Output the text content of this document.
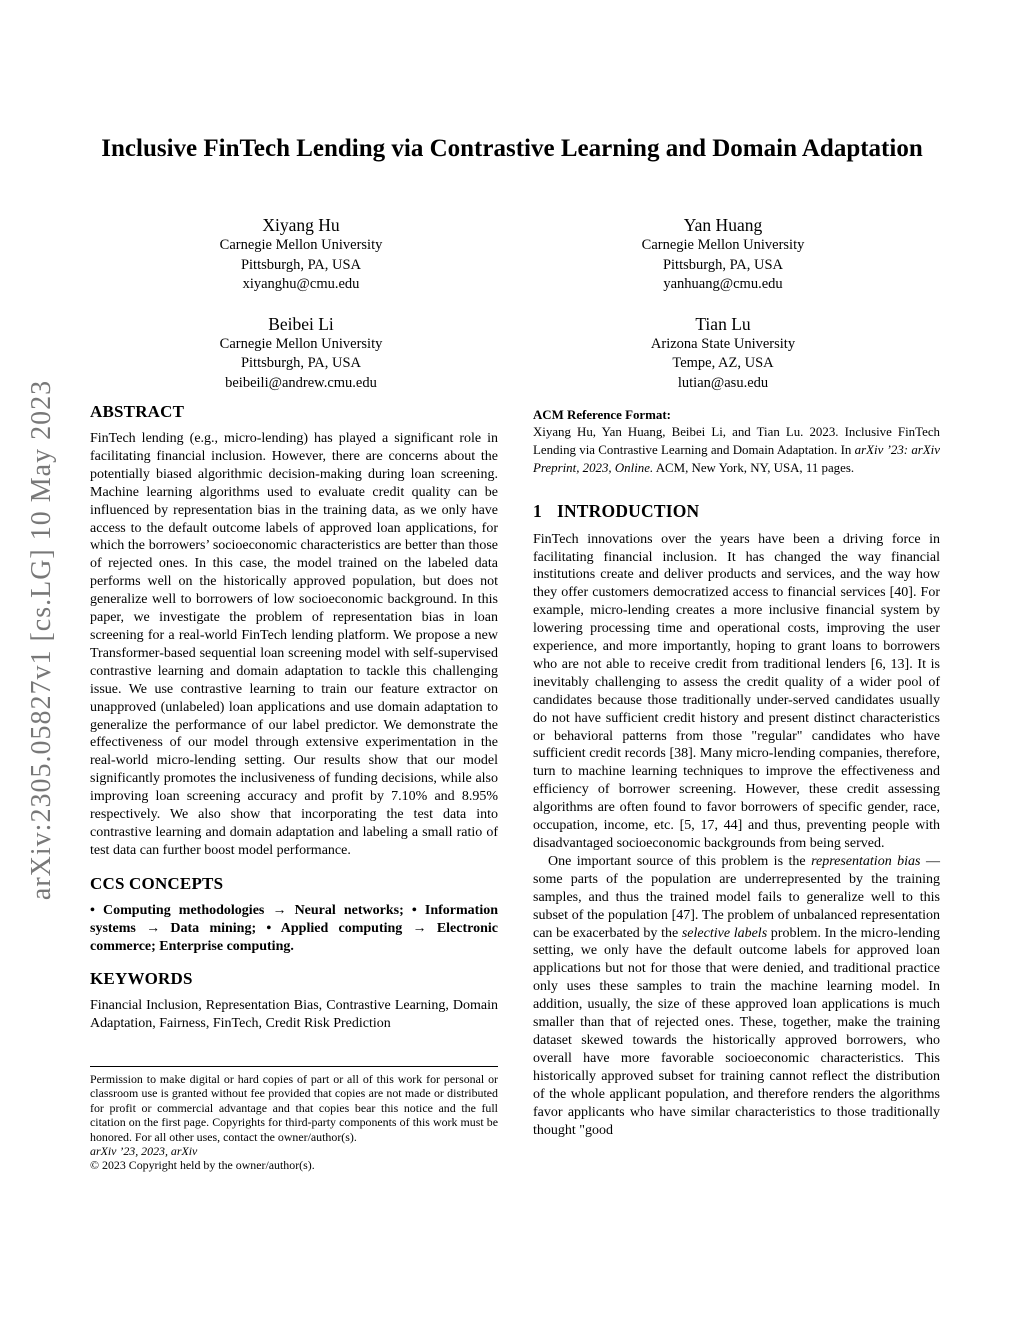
arXiv:2305.05827v1 [cs.LG] 10 May 2023
Inclusive FinTech Lending via Contrastive Learning and Domain Adaptation

Xiyang Hu

Carnegie Mellon University

Pittsburgh, PA, USA

xiyanghu@cmu.edu

Yan Huang

Carnegie Mellon University

Pittsburgh, PA, USA

yanhuang@cmu.edu

Beibei Li

Carnegie Mellon University

Pittsburgh, PA, USA

beibeili@andrew.cmu.edu

Tian Lu

Arizona State University

Tempe, AZ, USA

lutian@asu.edu

ABSTRACT

FinTech lending (e.g., micro-lending) has played a significant role in facilitating financial inclusion. However, there are concerns about the potentially biased algorithmic decision-making during loan screening. Machine learning algorithms used to evaluate credit quality can be influenced by representation bias in the training data, as we only have access to the default outcome labels of approved loan applications, for which the borrowers’ socioeconomic characteristics are better than those of rejected ones. In this case, the model trained on the labeled data performs well on the historically approved population, but does not generalize well to borrowers of low socioeconomic background. In this paper, we investigate the problem of representation bias in loan screening for a real-world FinTech lending platform. We propose a new Transformer-based sequential loan screening model with self-supervised contrastive learning and domain adaptation to tackle this challenging issue. We use contrastive learning to train our feature extractor on unapproved (unlabeled) loan applications and use domain adaptation to generalize the performance of our label predictor. We demonstrate the effectiveness of our model through extensive experimentation in the real-world micro-lending setting. Our results show that our model significantly promotes the inclusiveness of funding decisions, while also improving loan screening accuracy and profit by 7.10% and 8.95% respectively. We also show that incorporating the test data into contrastive learning and domain adaptation and labeling a small ratio of test data can further boost model performance.

CCS CONCEPTS

• Computing methodologies → Neural networks; • Information systems → Data mining; • Applied computing → Electronic commerce; Enterprise computing.

KEYWORDS

Financial Inclusion, Representation Bias, Contrastive Learning, Domain Adaptation, Fairness, FinTech, Credit Risk Prediction

Permission to make digital or hard copies of part or all of this work for personal or classroom use is granted without fee provided that copies are not made or distributed for profit or commercial advantage and that copies bear this notice and the full citation on the first page. Copyrights for third-party components of this work must be honored. For all other uses, contact the owner/author(s).

arXiv ’23, 2023, arXiv

© 2023 Copyright held by the owner/author(s).

ACM Reference Format:

Xiyang Hu, Yan Huang, Beibei Li, and Tian Lu. 2023. Inclusive FinTech Lending via Contrastive Learning and Domain Adaptation. In arXiv ’23: arXiv Preprint, 2023, Online. ACM, New York, NY, USA, 11 pages.

1 INTRODUCTION

FinTech innovations over the years have been a driving force in facilitating financial inclusion. It has changed the way financial institutions create and deliver products and services, and the way how they offer customers democratized access to financial services [40]. For example, micro-lending creates a more inclusive financial system by lowering processing time and operational costs, improving the user experience, and more importantly, hoping to grant loans to borrowers who are not able to receive credit from traditional lenders [6, 13]. It is inevitably challenging to assess the credit quality of a wider pool of candidates because those traditionally under-served candidates usually do not have sufficient credit history and present distinct characteristics or behavioral patterns from those "regular" candidates who have sufficient credit records [38]. Many micro-lending companies, therefore, turn to machine learning techniques to improve the effectiveness and efficiency of borrower screening. However, these credit assessing algorithms are often found to favor borrowers of specific gender, race, occupation, income, etc. [5, 17, 44] and thus, preventing people with disadvantaged socioeconomic backgrounds from being served.

One important source of this problem is the representation bias — some parts of the population are underrepresented by the training samples, and thus the trained model fails to generalize well to this subset of the population [47]. The problem of unbalanced representation can be exacerbated by the selective labels problem. In the micro-lending setting, we only have the default outcome labels for approved loan applications but not for those that were denied, and traditional practice only uses these samples to train the machine learning model. In addition, usually, the size of these approved loan applications is much smaller than that of rejected ones. These, together, make the training dataset skewed towards the historically approved borrowers, who overall have more favorable socioeconomic characteristics. This historically approved subset for training cannot reflect the distribution of the whole applicant population, and therefore renders the algorithms favor applicants who have similar characteristics to those traditionally thought "good
